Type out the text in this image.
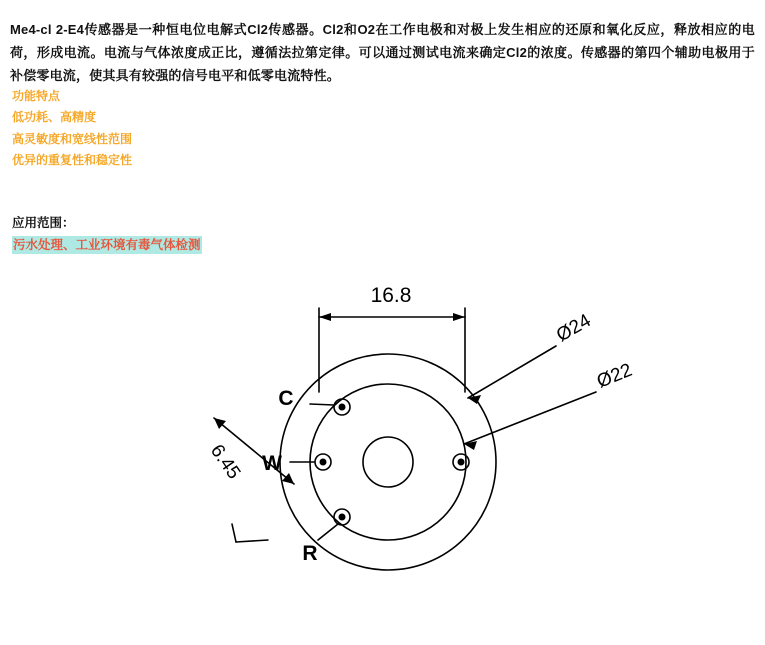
Me4-cl 2-E4传感器是一种恒电位电解式Cl2传感器。Cl2和O2在工作电极和对极上发生相应的还原和氧化反应，释放相应的电荷，形成电流。电流与气体浓度成正比，遵循法拉第定律。可以通过测试电流来确定Cl2的浓度。传感器的第四个辅助电极用于补偿零电流，使其具有较强的信号电平和低零电流特性。

功能特点
低功耗、高精度
高灵敏度和宽线性范围
优异的重复性和稳定性
应用范围：
污水处理、工业环境有毒气体检测
16.8
Ø24
Ø22
6.45
C
W
R
